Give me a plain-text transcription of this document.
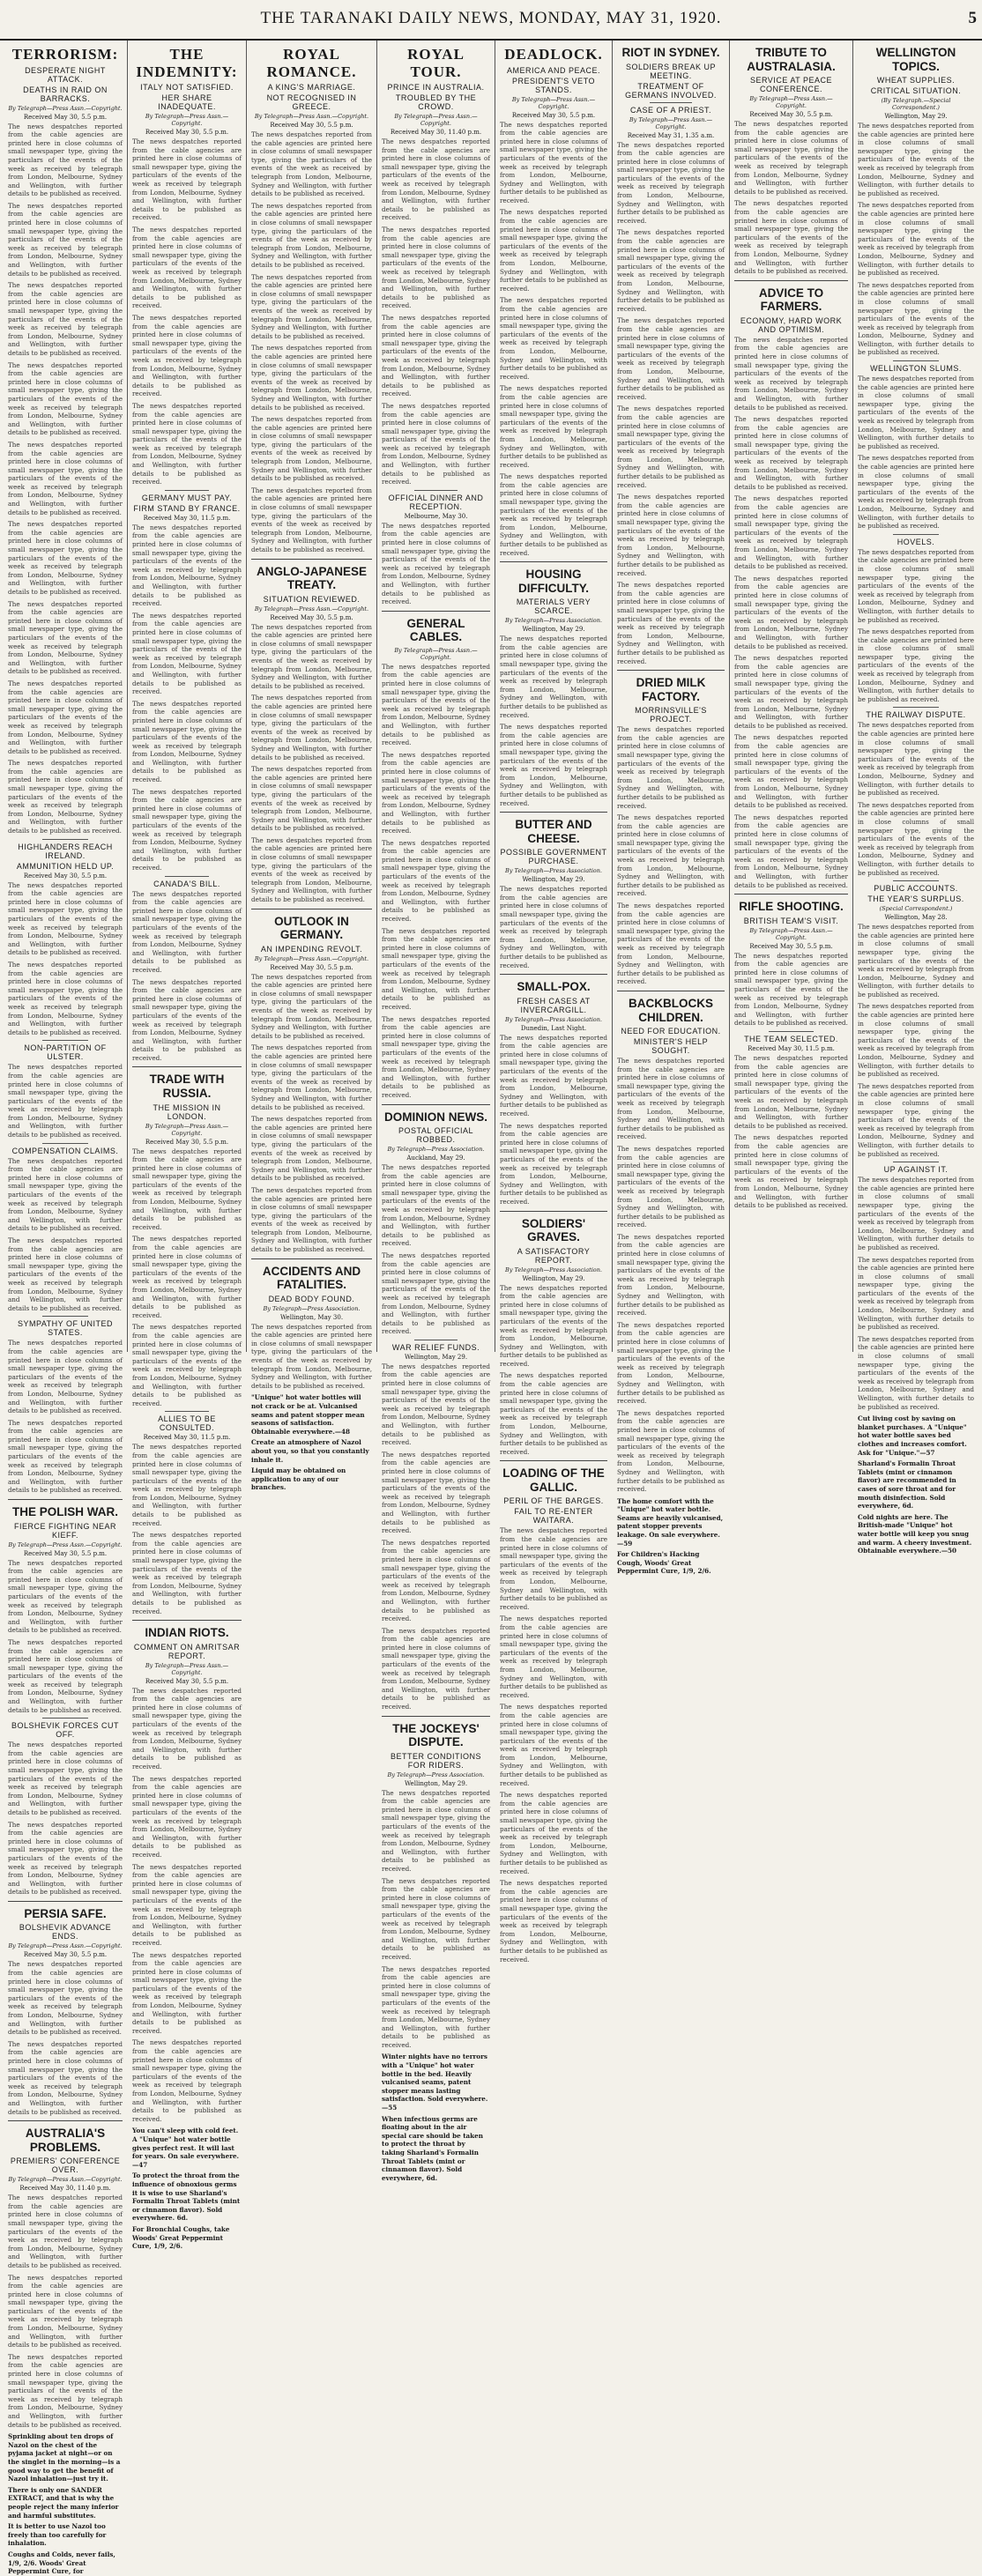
THE TARANAKI DAILY NEWS, MONDAY, MAY 31, 1920.	5
TERRORISM:
DESPERATE NIGHT ATTACK.
DEATHS IN RAID ON BARRACKS.
By Telegraph—Press Assn.—Copyright.
Received May 30, 5.5 p.m.

The news despatches reported from the cable agencies are printed here in close columns of small newspaper type, giving the particulars of the events of the week as received by telegraph from London, Melbourne, Sydney and Wellington, with further details to be published as received.

The news despatches reported from the cable agencies are printed here in close columns of small newspaper type, giving the particulars of the events of the week as received by telegraph from London, Melbourne, Sydney and Wellington, with further details to be published as received.

The news despatches reported from the cable agencies are printed here in close columns of small newspaper type, giving the particulars of the events of the week as received by telegraph from London, Melbourne, Sydney and Wellington, with further details to be published as received.

The news despatches reported from the cable agencies are printed here in close columns of small newspaper type, giving the particulars of the events of the week as received by telegraph from London, Melbourne, Sydney and Wellington, with further details to be published as received.

The news despatches reported from the cable agencies are printed here in close columns of small newspaper type, giving the particulars of the events of the week as received by telegraph from London, Melbourne, Sydney and Wellington, with further details to be published as received.

The news despatches reported from the cable agencies are printed here in close columns of small newspaper type, giving the particulars of the events of the week as received by telegraph from London, Melbourne, Sydney and Wellington, with further details to be published as received.

The news despatches reported from the cable agencies are printed here in close columns of small newspaper type, giving the particulars of the events of the week as received by telegraph from London, Melbourne, Sydney and Wellington, with further details to be published as received.

The news despatches reported from the cable agencies are printed here in close columns of small newspaper type, giving the particulars of the events of the week as received by telegraph from London, Melbourne, Sydney and Wellington, with further details to be published as received.

The news despatches reported from the cable agencies are printed here in close columns of small newspaper type, giving the particulars of the events of the week as received by telegraph from London, Melbourne, Sydney and Wellington, with further details to be published as received.

HIGHLANDERS REACH IRELAND.
AMMUNITION HELD UP.
Received May 30, 5.5 p.m.

The news despatches reported from the cable agencies are printed here in close columns of small newspaper type, giving the particulars of the events of the week as received by telegraph from London, Melbourne, Sydney and Wellington, with further details to be published as received.

The news despatches reported from the cable agencies are printed here in close columns of small newspaper type, giving the particulars of the events of the week as received by telegraph from London, Melbourne, Sydney and Wellington, with further details to be published as received.

NON-PARTITION OF ULSTER.

The news despatches reported from the cable agencies are printed here in close columns of small newspaper type, giving the particulars of the events of the week as received by telegraph from London, Melbourne, Sydney and Wellington, with further details to be published as received.

COMPENSATION CLAIMS.

The news despatches reported from the cable agencies are printed here in close columns of small newspaper type, giving the particulars of the events of the week as received by telegraph from London, Melbourne, Sydney and Wellington, with further details to be published as received.

The news despatches reported from the cable agencies are printed here in close columns of small newspaper type, giving the particulars of the events of the week as received by telegraph from London, Melbourne, Sydney and Wellington, with further details to be published as received.

SYMPATHY OF UNITED STATES.

The news despatches reported from the cable agencies are printed here in close columns of small newspaper type, giving the particulars of the events of the week as received by telegraph from London, Melbourne, Sydney and Wellington, with further details to be published as received.

The news despatches reported from the cable agencies are printed here in close columns of small newspaper type, giving the particulars of the events of the week as received by telegraph from London, Melbourne, Sydney and Wellington, with further details to be published as received.

THE POLISH WAR.
FIERCE FIGHTING NEAR KIEFF.
By Telegraph—Press Assn.—Copyright.
Received May 30, 5.5 p.m.

The news despatches reported from the cable agencies are printed here in close columns of small newspaper type, giving the particulars of the events of the week as received by telegraph from London, Melbourne, Sydney and Wellington, with further details to be published as received.

The news despatches reported from the cable agencies are printed here in close columns of small newspaper type, giving the particulars of the events of the week as received by telegraph from London, Melbourne, Sydney and Wellington, with further details to be published as received.

BOLSHEVIK FORCES CUT OFF.

The news despatches reported from the cable agencies are printed here in close columns of small newspaper type, giving the particulars of the events of the week as received by telegraph from London, Melbourne, Sydney and Wellington, with further details to be published as received.

The news despatches reported from the cable agencies are printed here in close columns of small newspaper type, giving the particulars of the events of the week as received by telegraph from London, Melbourne, Sydney and Wellington, with further details to be published as received.

PERSIA SAFE.
BOLSHEVIK ADVANCE ENDS.
By Telegraph—Press Assn.—Copyright.
Received May 30, 5.5 p.m.

The news despatches reported from the cable agencies are printed here in close columns of small newspaper type, giving the particulars of the events of the week as received by telegraph from London, Melbourne, Sydney and Wellington, with further details to be published as received.

The news despatches reported from the cable agencies are printed here in close columns of small newspaper type, giving the particulars of the events of the week as received by telegraph from London, Melbourne, Sydney and Wellington, with further details to be published as received.

AUSTRALIA'S PROBLEMS.
PREMIERS' CONFERENCE OVER.
By Telegraph—Press Assn.—Copyright.
Received May 30, 11.40 p.m.

The news despatches reported from the cable agencies are printed here in close columns of small newspaper type, giving the particulars of the events of the week as received by telegraph from London, Melbourne, Sydney and Wellington, with further details to be published as received.

The news despatches reported from the cable agencies are printed here in close columns of small newspaper type, giving the particulars of the events of the week as received by telegraph from London, Melbourne, Sydney and Wellington, with further details to be published as received.

The news despatches reported from the cable agencies are printed here in close columns of small newspaper type, giving the particulars of the events of the week as received by telegraph from London, Melbourne, Sydney and Wellington, with further details to be published as received.

Sprinkling about ten drops of Nazol on the chest of the pyjama jacket at night—or on the singlet in the morning—is a good way to get the benefit of Nazol inhalation—just try it.
There is only one SANDER EXTRACT, and that is why the people reject the many inferior and harmful substitutes.
It is better to use Nazol too freely than too carefully for inhalation.
Coughs and Colds, never fails, 1/9, 2/6. Woods' Great Peppermint Cure, for
THE INDEMNITY:
ITALY NOT SATISFIED.
HER SHARE INADEQUATE.
By Telegraph—Press Assn.—Copyright.
Received May 30, 5.5 p.m.

The news despatches reported from the cable agencies are printed here in close columns of small newspaper type, giving the particulars of the events of the week as received by telegraph from London, Melbourne, Sydney and Wellington, with further details to be published as received.

The news despatches reported from the cable agencies are printed here in close columns of small newspaper type, giving the particulars of the events of the week as received by telegraph from London, Melbourne, Sydney and Wellington, with further details to be published as received.

The news despatches reported from the cable agencies are printed here in close columns of small newspaper type, giving the particulars of the events of the week as received by telegraph from London, Melbourne, Sydney and Wellington, with further details to be published as received.

The news despatches reported from the cable agencies are printed here in close columns of small newspaper type, giving the particulars of the events of the week as received by telegraph from London, Melbourne, Sydney and Wellington, with further details to be published as received.

GERMANY MUST PAY.
FIRM STAND BY FRANCE.
Received May 30, 11.5 p.m.

The news despatches reported from the cable agencies are printed here in close columns of small newspaper type, giving the particulars of the events of the week as received by telegraph from London, Melbourne, Sydney and Wellington, with further details to be published as received.

The news despatches reported from the cable agencies are printed here in close columns of small newspaper type, giving the particulars of the events of the week as received by telegraph from London, Melbourne, Sydney and Wellington, with further details to be published as received.

The news despatches reported from the cable agencies are printed here in close columns of small newspaper type, giving the particulars of the events of the week as received by telegraph from London, Melbourne, Sydney and Wellington, with further details to be published as received.

The news despatches reported from the cable agencies are printed here in close columns of small newspaper type, giving the particulars of the events of the week as received by telegraph from London, Melbourne, Sydney and Wellington, with further details to be published as received.

CANADA'S BILL.

The news despatches reported from the cable agencies are printed here in close columns of small newspaper type, giving the particulars of the events of the week as received by telegraph from London, Melbourne, Sydney and Wellington, with further details to be published as received.

The news despatches reported from the cable agencies are printed here in close columns of small newspaper type, giving the particulars of the events of the week as received by telegraph from London, Melbourne, Sydney and Wellington, with further details to be published as received.

TRADE WITH RUSSIA.
THE MISSION IN LONDON.
By Telegraph—Press Assn.—Copyright.
Received May 30, 5.5 p.m.

The news despatches reported from the cable agencies are printed here in close columns of small newspaper type, giving the particulars of the events of the week as received by telegraph from London, Melbourne, Sydney and Wellington, with further details to be published as received.

The news despatches reported from the cable agencies are printed here in close columns of small newspaper type, giving the particulars of the events of the week as received by telegraph from London, Melbourne, Sydney and Wellington, with further details to be published as received.

The news despatches reported from the cable agencies are printed here in close columns of small newspaper type, giving the particulars of the events of the week as received by telegraph from London, Melbourne, Sydney and Wellington, with further details to be published as received.

ALLIES TO BE CONSULTED.
Received May 30, 11.5 p.m.

The news despatches reported from the cable agencies are printed here in close columns of small newspaper type, giving the particulars of the events of the week as received by telegraph from London, Melbourne, Sydney and Wellington, with further details to be published as received.

The news despatches reported from the cable agencies are printed here in close columns of small newspaper type, giving the particulars of the events of the week as received by telegraph from London, Melbourne, Sydney and Wellington, with further details to be published as received.

INDIAN RIOTS.
COMMENT ON AMRITSAR REPORT.
By Telegraph—Press Assn.—Copyright.
Received May 30, 5.5 p.m.

The news despatches reported from the cable agencies are printed here in close columns of small newspaper type, giving the particulars of the events of the week as received by telegraph from London, Melbourne, Sydney and Wellington, with further details to be published as received.

The news despatches reported from the cable agencies are printed here in close columns of small newspaper type, giving the particulars of the events of the week as received by telegraph from London, Melbourne, Sydney and Wellington, with further details to be published as received.

The news despatches reported from the cable agencies are printed here in close columns of small newspaper type, giving the particulars of the events of the week as received by telegraph from London, Melbourne, Sydney and Wellington, with further details to be published as received.

The news despatches reported from the cable agencies are printed here in close columns of small newspaper type, giving the particulars of the events of the week as received by telegraph from London, Melbourne, Sydney and Wellington, with further details to be published as received.

The news despatches reported from the cable agencies are printed here in close columns of small newspaper type, giving the particulars of the events of the week as received by telegraph from London, Melbourne, Sydney and Wellington, with further details to be published as received.

You can't sleep with cold feet. A "Unique" hot water bottle gives perfect rest. It will last for years. On sale everywhere.—47
To protect the throat from the influence of obnoxious germs it is wise to use Sharland's Formalin Throat Tablets (mint or cinnamon flavor). Sold everywhere. 6d.
For Bronchial Coughs, take Woods' Great Peppermint Cure, 1/9, 2/6.
ROYAL ROMANCE.
A KING'S MARRIAGE.
NOT RECOGNISED IN GREECE.
By Telegraph—Press Assn.—Copyright.
Received May 30, 5.5 p.m.

The news despatches reported from the cable agencies are printed here in close columns of small newspaper type, giving the particulars of the events of the week as received by telegraph from London, Melbourne, Sydney and Wellington, with further details to be published as received.

The news despatches reported from the cable agencies are printed here in close columns of small newspaper type, giving the particulars of the events of the week as received by telegraph from London, Melbourne, Sydney and Wellington, with further details to be published as received.

The news despatches reported from the cable agencies are printed here in close columns of small newspaper type, giving the particulars of the events of the week as received by telegraph from London, Melbourne, Sydney and Wellington, with further details to be published as received.

The news despatches reported from the cable agencies are printed here in close columns of small newspaper type, giving the particulars of the events of the week as received by telegraph from London, Melbourne, Sydney and Wellington, with further details to be published as received.

The news despatches reported from the cable agencies are printed here in close columns of small newspaper type, giving the particulars of the events of the week as received by telegraph from London, Melbourne, Sydney and Wellington, with further details to be published as received.

The news despatches reported from the cable agencies are printed here in close columns of small newspaper type, giving the particulars of the events of the week as received by telegraph from London, Melbourne, Sydney and Wellington, with further details to be published as received.

ANGLO-JAPANESE TREATY.
SITUATION REVIEWED.
By Telegraph—Press Assn.—Copyright.
Received May 30, 5.5 p.m.

The news despatches reported from the cable agencies are printed here in close columns of small newspaper type, giving the particulars of the events of the week as received by telegraph from London, Melbourne, Sydney and Wellington, with further details to be published as received.

The news despatches reported from the cable agencies are printed here in close columns of small newspaper type, giving the particulars of the events of the week as received by telegraph from London, Melbourne, Sydney and Wellington, with further details to be published as received.

The news despatches reported from the cable agencies are printed here in close columns of small newspaper type, giving the particulars of the events of the week as received by telegraph from London, Melbourne, Sydney and Wellington, with further details to be published as received.

The news despatches reported from the cable agencies are printed here in close columns of small newspaper type, giving the particulars of the events of the week as received by telegraph from London, Melbourne, Sydney and Wellington, with further details to be published as received.

OUTLOOK IN GERMANY.
AN IMPENDING REVOLT.
By Telegraph—Press Assn.—Copyright.
Received May 30, 5.5 p.m.

The news despatches reported from the cable agencies are printed here in close columns of small newspaper type, giving the particulars of the events of the week as received by telegraph from London, Melbourne, Sydney and Wellington, with further details to be published as received.

The news despatches reported from the cable agencies are printed here in close columns of small newspaper type, giving the particulars of the events of the week as received by telegraph from London, Melbourne, Sydney and Wellington, with further details to be published as received.

The news despatches reported from the cable agencies are printed here in close columns of small newspaper type, giving the particulars of the events of the week as received by telegraph from London, Melbourne, Sydney and Wellington, with further details to be published as received.

The news despatches reported from the cable agencies are printed here in close columns of small newspaper type, giving the particulars of the events of the week as received by telegraph from London, Melbourne, Sydney and Wellington, with further details to be published as received.

ACCIDENTS AND FATALITIES.
DEAD BODY FOUND.
By Telegraph—Press Association.
Wellington, May 30.

The news despatches reported from the cable agencies are printed here in close columns of small newspaper type, giving the particulars of the events of the week as received by telegraph from London, Melbourne, Sydney and Wellington, with further details to be published as received.

"Unique" hot water bottles will not crack or be at. Vulcanised seams and patent stopper mean seasons of satisfaction. Obtainable everywhere.—48
Create an atmosphere of Nazol about you, so that you constantly inhale it.
Liquid may be obtained on application to any of our branches.
ROYAL TOUR.
PRINCE IN AUSTRALIA.
TROUBLED BY THE CROWD.
By Telegraph—Press Assn.—Copyright.
Received May 30, 11.40 p.m.

The news despatches reported from the cable agencies are printed here in close columns of small newspaper type, giving the particulars of the events of the week as received by telegraph from London, Melbourne, Sydney and Wellington, with further details to be published as received.

The news despatches reported from the cable agencies are printed here in close columns of small newspaper type, giving the particulars of the events of the week as received by telegraph from London, Melbourne, Sydney and Wellington, with further details to be published as received.

The news despatches reported from the cable agencies are printed here in close columns of small newspaper type, giving the particulars of the events of the week as received by telegraph from London, Melbourne, Sydney and Wellington, with further details to be published as received.

The news despatches reported from the cable agencies are printed here in close columns of small newspaper type, giving the particulars of the events of the week as received by telegraph from London, Melbourne, Sydney and Wellington, with further details to be published as received.

OFFICIAL DINNER AND RECEPTION.
Melbourne, May 30.

The news despatches reported from the cable agencies are printed here in close columns of small newspaper type, giving the particulars of the events of the week as received by telegraph from London, Melbourne, Sydney and Wellington, with further details to be published as received.

GENERAL CABLES.
By Telegraph—Press Assn.—Copyright.

The news despatches reported from the cable agencies are printed here in close columns of small newspaper type, giving the particulars of the events of the week as received by telegraph from London, Melbourne, Sydney and Wellington, with further details to be published as received.

The news despatches reported from the cable agencies are printed here in close columns of small newspaper type, giving the particulars of the events of the week as received by telegraph from London, Melbourne, Sydney and Wellington, with further details to be published as received.

The news despatches reported from the cable agencies are printed here in close columns of small newspaper type, giving the particulars of the events of the week as received by telegraph from London, Melbourne, Sydney and Wellington, with further details to be published as received.

The news despatches reported from the cable agencies are printed here in close columns of small newspaper type, giving the particulars of the events of the week as received by telegraph from London, Melbourne, Sydney and Wellington, with further details to be published as received.

The news despatches reported from the cable agencies are printed here in close columns of small newspaper type, giving the particulars of the events of the week as received by telegraph from London, Melbourne, Sydney and Wellington, with further details to be published as received.

DOMINION NEWS.
POSTAL OFFICIAL ROBBED.
By Telegraph—Press Association.
Auckland, May 29.

The news despatches reported from the cable agencies are printed here in close columns of small newspaper type, giving the particulars of the events of the week as received by telegraph from London, Melbourne, Sydney and Wellington, with further details to be published as received.

The news despatches reported from the cable agencies are printed here in close columns of small newspaper type, giving the particulars of the events of the week as received by telegraph from London, Melbourne, Sydney and Wellington, with further details to be published as received.

WAR RELIEF FUNDS.
Wellington, May 29.

The news despatches reported from the cable agencies are printed here in close columns of small newspaper type, giving the particulars of the events of the week as received by telegraph from London, Melbourne, Sydney and Wellington, with further details to be published as received.

The news despatches reported from the cable agencies are printed here in close columns of small newspaper type, giving the particulars of the events of the week as received by telegraph from London, Melbourne, Sydney and Wellington, with further details to be published as received.

The news despatches reported from the cable agencies are printed here in close columns of small newspaper type, giving the particulars of the events of the week as received by telegraph from London, Melbourne, Sydney and Wellington, with further details to be published as received.

The news despatches reported from the cable agencies are printed here in close columns of small newspaper type, giving the particulars of the events of the week as received by telegraph from London, Melbourne, Sydney and Wellington, with further details to be published as received.

THE JOCKEYS' DISPUTE.
BETTER CONDITIONS FOR RIDERS.
By Telegraph—Press Association.
Wellington, May 29.

The news despatches reported from the cable agencies are printed here in close columns of small newspaper type, giving the particulars of the events of the week as received by telegraph from London, Melbourne, Sydney and Wellington, with further details to be published as received.

The news despatches reported from the cable agencies are printed here in close columns of small newspaper type, giving the particulars of the events of the week as received by telegraph from London, Melbourne, Sydney and Wellington, with further details to be published as received.

The news despatches reported from the cable agencies are printed here in close columns of small newspaper type, giving the particulars of the events of the week as received by telegraph from London, Melbourne, Sydney and Wellington, with further details to be published as received.

Winter nights have no terrors with a "Unique" hot water bottle in the bed. Heavily vulcanised seams, patent stopper means lasting satisfaction. Sold everywhere.—55
When infectious germs are floating about in the air special care should be taken to protect the throat by taking Sharland's Formalin Throat Tablets (mint or cinnamon flavor). Sold everywhere, 6d.
DEADLOCK.
AMERICA AND PEACE.
PRESIDENT'S VETO STANDS.
By Telegraph—Press Assn.—Copyright.
Received May 30, 5.5 p.m.

The news despatches reported from the cable agencies are printed here in close columns of small newspaper type, giving the particulars of the events of the week as received by telegraph from London, Melbourne, Sydney and Wellington, with further details to be published as received.

The news despatches reported from the cable agencies are printed here in close columns of small newspaper type, giving the particulars of the events of the week as received by telegraph from London, Melbourne, Sydney and Wellington, with further details to be published as received.

The news despatches reported from the cable agencies are printed here in close columns of small newspaper type, giving the particulars of the events of the week as received by telegraph from London, Melbourne, Sydney and Wellington, with further details to be published as received.

The news despatches reported from the cable agencies are printed here in close columns of small newspaper type, giving the particulars of the events of the week as received by telegraph from London, Melbourne, Sydney and Wellington, with further details to be published as received.

The news despatches reported from the cable agencies are printed here in close columns of small newspaper type, giving the particulars of the events of the week as received by telegraph from London, Melbourne, Sydney and Wellington, with further details to be published as received.

HOUSING DIFFICULTY.
MATERIALS VERY SCARCE.
By Telegraph—Press Association.
Wellington, May 29.

The news despatches reported from the cable agencies are printed here in close columns of small newspaper type, giving the particulars of the events of the week as received by telegraph from London, Melbourne, Sydney and Wellington, with further details to be published as received.

The news despatches reported from the cable agencies are printed here in close columns of small newspaper type, giving the particulars of the events of the week as received by telegraph from London, Melbourne, Sydney and Wellington, with further details to be published as received.

BUTTER AND CHEESE.
POSSIBLE GOVERNMENT PURCHASE.
By Telegraph—Press Association.
Wellington, May 29.

The news despatches reported from the cable agencies are printed here in close columns of small newspaper type, giving the particulars of the events of the week as received by telegraph from London, Melbourne, Sydney and Wellington, with further details to be published as received.

SMALL-POX.
FRESH CASES AT INVERCARGILL.
By Telegraph—Press Association.
Dunedin, Last Night.

The news despatches reported from the cable agencies are printed here in close columns of small newspaper type, giving the particulars of the events of the week as received by telegraph from London, Melbourne, Sydney and Wellington, with further details to be published as received.

The news despatches reported from the cable agencies are printed here in close columns of small newspaper type, giving the particulars of the events of the week as received by telegraph from London, Melbourne, Sydney and Wellington, with further details to be published as received.

SOLDIERS' GRAVES.
A SATISFACTORY REPORT.
By Telegraph—Press Association.
Wellington, May 29.

The news despatches reported from the cable agencies are printed here in close columns of small newspaper type, giving the particulars of the events of the week as received by telegraph from London, Melbourne, Sydney and Wellington, with further details to be published as received.

The news despatches reported from the cable agencies are printed here in close columns of small newspaper type, giving the particulars of the events of the week as received by telegraph from London, Melbourne, Sydney and Wellington, with further details to be published as received.

LOADING OF THE GALLIC.
PERIL OF THE BARGES.
FAIL TO RE-ENTER WAITARA.

The news despatches reported from the cable agencies are printed here in close columns of small newspaper type, giving the particulars of the events of the week as received by telegraph from London, Melbourne, Sydney and Wellington, with further details to be published as received.

The news despatches reported from the cable agencies are printed here in close columns of small newspaper type, giving the particulars of the events of the week as received by telegraph from London, Melbourne, Sydney and Wellington, with further details to be published as received.

The news despatches reported from the cable agencies are printed here in close columns of small newspaper type, giving the particulars of the events of the week as received by telegraph from London, Melbourne, Sydney and Wellington, with further details to be published as received.

The news despatches reported from the cable agencies are printed here in close columns of small newspaper type, giving the particulars of the events of the week as received by telegraph from London, Melbourne, Sydney and Wellington, with further details to be published as received.

The news despatches reported from the cable agencies are printed here in close columns of small newspaper type, giving the particulars of the events of the week as received by telegraph from London, Melbourne, Sydney and Wellington, with further details to be published as received.

RIOT IN SYDNEY.
SOLDIERS BREAK UP MEETING.
TREATMENT OF GERMANS INVOLVED.
CASE OF A PRIEST.
By Telegraph—Press Assn.—Copyright.
Received May 31, 1.35 a.m.

The news despatches reported from the cable agencies are printed here in close columns of small newspaper type, giving the particulars of the events of the week as received by telegraph from London, Melbourne, Sydney and Wellington, with further details to be published as received.

The news despatches reported from the cable agencies are printed here in close columns of small newspaper type, giving the particulars of the events of the week as received by telegraph from London, Melbourne, Sydney and Wellington, with further details to be published as received.

The news despatches reported from the cable agencies are printed here in close columns of small newspaper type, giving the particulars of the events of the week as received by telegraph from London, Melbourne, Sydney and Wellington, with further details to be published as received.

The news despatches reported from the cable agencies are printed here in close columns of small newspaper type, giving the particulars of the events of the week as received by telegraph from London, Melbourne, Sydney and Wellington, with further details to be published as received.

The news despatches reported from the cable agencies are printed here in close columns of small newspaper type, giving the particulars of the events of the week as received by telegraph from London, Melbourne, Sydney and Wellington, with further details to be published as received.

The news despatches reported from the cable agencies are printed here in close columns of small newspaper type, giving the particulars of the events of the week as received by telegraph from London, Melbourne, Sydney and Wellington, with further details to be published as received.

DRIED MILK FACTORY.
MORRINSVILLE'S PROJECT.

The news despatches reported from the cable agencies are printed here in close columns of small newspaper type, giving the particulars of the events of the week as received by telegraph from London, Melbourne, Sydney and Wellington, with further details to be published as received.

The news despatches reported from the cable agencies are printed here in close columns of small newspaper type, giving the particulars of the events of the week as received by telegraph from London, Melbourne, Sydney and Wellington, with further details to be published as received.

The news despatches reported from the cable agencies are printed here in close columns of small newspaper type, giving the particulars of the events of the week as received by telegraph from London, Melbourne, Sydney and Wellington, with further details to be published as received.

BACKBLOCKS CHILDREN.
NEED FOR EDUCATION.
MINISTER'S HELP SOUGHT.

The news despatches reported from the cable agencies are printed here in close columns of small newspaper type, giving the particulars of the events of the week as received by telegraph from London, Melbourne, Sydney and Wellington, with further details to be published as received.

The news despatches reported from the cable agencies are printed here in close columns of small newspaper type, giving the particulars of the events of the week as received by telegraph from London, Melbourne, Sydney and Wellington, with further details to be published as received.

The news despatches reported from the cable agencies are printed here in close columns of small newspaper type, giving the particulars of the events of the week as received by telegraph from London, Melbourne, Sydney and Wellington, with further details to be published as received.

The news despatches reported from the cable agencies are printed here in close columns of small newspaper type, giving the particulars of the events of the week as received by telegraph from London, Melbourne, Sydney and Wellington, with further details to be published as received.

The news despatches reported from the cable agencies are printed here in close columns of small newspaper type, giving the particulars of the events of the week as received by telegraph from London, Melbourne, Sydney and Wellington, with further details to be published as received.

The home comfort with the "Unique" hot water bottle. Seams are heavily vulcanised, patent stopper prevents leakage. On sale everywhere.—59
For Children's Hacking Cough, Woods' Great Peppermint Cure, 1/9, 2/6.
TRIBUTE TO AUSTRALASIA.
SERVICE AT PEACE CONFERENCE.
By Telegraph—Press Assn.—Copyright.
Received May 30, 5.5 p.m.

The news despatches reported from the cable agencies are printed here in close columns of small newspaper type, giving the particulars of the events of the week as received by telegraph from London, Melbourne, Sydney and Wellington, with further details to be published as received.

The news despatches reported from the cable agencies are printed here in close columns of small newspaper type, giving the particulars of the events of the week as received by telegraph from London, Melbourne, Sydney and Wellington, with further details to be published as received.

ADVICE TO FARMERS.
ECONOMY, HARD WORK AND OPTIMISM.

The news despatches reported from the cable agencies are printed here in close columns of small newspaper type, giving the particulars of the events of the week as received by telegraph from London, Melbourne, Sydney and Wellington, with further details to be published as received.

The news despatches reported from the cable agencies are printed here in close columns of small newspaper type, giving the particulars of the events of the week as received by telegraph from London, Melbourne, Sydney and Wellington, with further details to be published as received.

The news despatches reported from the cable agencies are printed here in close columns of small newspaper type, giving the particulars of the events of the week as received by telegraph from London, Melbourne, Sydney and Wellington, with further details to be published as received.

The news despatches reported from the cable agencies are printed here in close columns of small newspaper type, giving the particulars of the events of the week as received by telegraph from London, Melbourne, Sydney and Wellington, with further details to be published as received.

The news despatches reported from the cable agencies are printed here in close columns of small newspaper type, giving the particulars of the events of the week as received by telegraph from London, Melbourne, Sydney and Wellington, with further details to be published as received.

The news despatches reported from the cable agencies are printed here in close columns of small newspaper type, giving the particulars of the events of the week as received by telegraph from London, Melbourne, Sydney and Wellington, with further details to be published as received.

The news despatches reported from the cable agencies are printed here in close columns of small newspaper type, giving the particulars of the events of the week as received by telegraph from London, Melbourne, Sydney and Wellington, with further details to be published as received.

RIFLE SHOOTING.
BRITISH TEAM'S VISIT.
By Telegraph—Press Assn.—Copyright.
Received May 30, 5.5 p.m.

The news despatches reported from the cable agencies are printed here in close columns of small newspaper type, giving the particulars of the events of the week as received by telegraph from London, Melbourne, Sydney and Wellington, with further details to be published as received.

THE TEAM SELECTED.
Received May 30, 11.5 p.m.

The news despatches reported from the cable agencies are printed here in close columns of small newspaper type, giving the particulars of the events of the week as received by telegraph from London, Melbourne, Sydney and Wellington, with further details to be published as received.

The news despatches reported from the cable agencies are printed here in close columns of small newspaper type, giving the particulars of the events of the week as received by telegraph from London, Melbourne, Sydney and Wellington, with further details to be published as received.

WELLINGTON TOPICS.
WHEAT SUPPLIES.
CRITICAL SITUATION.
(By Telegraph.—Special Correspondent.)
Wellington, May 29.

The news despatches reported from the cable agencies are printed here in close columns of small newspaper type, giving the particulars of the events of the week as received by telegraph from London, Melbourne, Sydney and Wellington, with further details to be published as received.

The news despatches reported from the cable agencies are printed here in close columns of small newspaper type, giving the particulars of the events of the week as received by telegraph from London, Melbourne, Sydney and Wellington, with further details to be published as received.

The news despatches reported from the cable agencies are printed here in close columns of small newspaper type, giving the particulars of the events of the week as received by telegraph from London, Melbourne, Sydney and Wellington, with further details to be published as received.

WELLINGTON SLUMS.

The news despatches reported from the cable agencies are printed here in close columns of small newspaper type, giving the particulars of the events of the week as received by telegraph from London, Melbourne, Sydney and Wellington, with further details to be published as received.

The news despatches reported from the cable agencies are printed here in close columns of small newspaper type, giving the particulars of the events of the week as received by telegraph from London, Melbourne, Sydney and Wellington, with further details to be published as received.

HOVELS.

The news despatches reported from the cable agencies are printed here in close columns of small newspaper type, giving the particulars of the events of the week as received by telegraph from London, Melbourne, Sydney and Wellington, with further details to be published as received.

The news despatches reported from the cable agencies are printed here in close columns of small newspaper type, giving the particulars of the events of the week as received by telegraph from London, Melbourne, Sydney and Wellington, with further details to be published as received.

THE RAILWAY DISPUTE.

The news despatches reported from the cable agencies are printed here in close columns of small newspaper type, giving the particulars of the events of the week as received by telegraph from London, Melbourne, Sydney and Wellington, with further details to be published as received.

The news despatches reported from the cable agencies are printed here in close columns of small newspaper type, giving the particulars of the events of the week as received by telegraph from London, Melbourne, Sydney and Wellington, with further details to be published as received.

PUBLIC ACCOUNTS.
THE YEAR'S SURPLUS.
(Special Correspondent.)
Wellington, May 28.

The news despatches reported from the cable agencies are printed here in close columns of small newspaper type, giving the particulars of the events of the week as received by telegraph from London, Melbourne, Sydney and Wellington, with further details to be published as received.

The news despatches reported from the cable agencies are printed here in close columns of small newspaper type, giving the particulars of the events of the week as received by telegraph from London, Melbourne, Sydney and Wellington, with further details to be published as received.

The news despatches reported from the cable agencies are printed here in close columns of small newspaper type, giving the particulars of the events of the week as received by telegraph from London, Melbourne, Sydney and Wellington, with further details to be published as received.

UP AGAINST IT.

The news despatches reported from the cable agencies are printed here in close columns of small newspaper type, giving the particulars of the events of the week as received by telegraph from London, Melbourne, Sydney and Wellington, with further details to be published as received.

The news despatches reported from the cable agencies are printed here in close columns of small newspaper type, giving the particulars of the events of the week as received by telegraph from London, Melbourne, Sydney and Wellington, with further details to be published as received.

The news despatches reported from the cable agencies are printed here in close columns of small newspaper type, giving the particulars of the events of the week as received by telegraph from London, Melbourne, Sydney and Wellington, with further details to be published as received.

Cut living cost by saving on blanket purchases. A "Unique" hot water bottle saves bed clothes and increases comfort. Ask for "Unique."—57
Sharland's Formalin Throat Tablets (mint or cinnamon flavor) are recommended in cases of sore throat and for mouth disinfection. Sold everywhere, 6d.
Cold nights are here. The British-made "Unique" hot water bottle will keep you snug and warm. A cheery investment. Obtainable everywhere.—50
